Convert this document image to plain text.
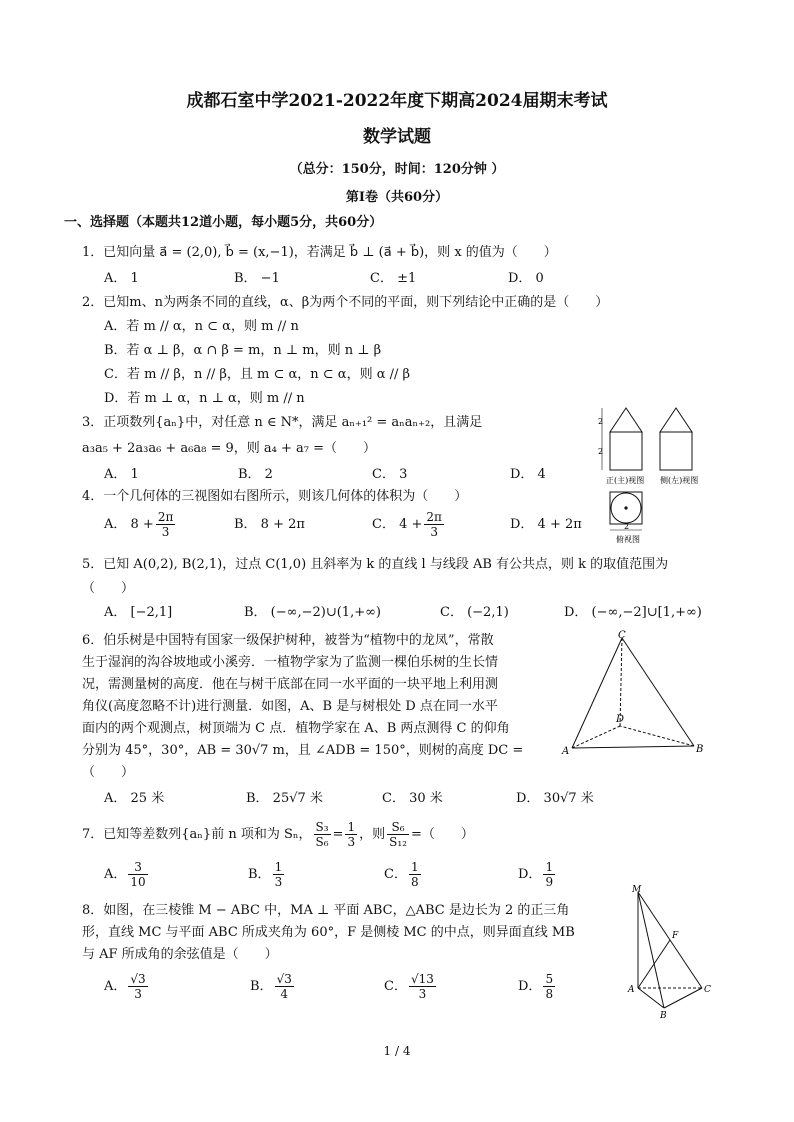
成都石室中学2021-2022年度下期高2024届期末考试
数学试题
（总分：150分，时间：120分钟 ）
第Ⅰ卷（共60分）
一、选择题（本题共12道小题，每小题5分，共60分）
1．已知向量 a⃗ = (2,0), b⃗ = (x,−1)，若满足 b⃗ ⊥ (a⃗ + b⃗)，则 x 的值为（　　）
A． 1	B． −1	C． ±1	D． 0
2．已知m、n为两条不同的直线，α、β为两个不同的平面，则下列结论中正确的是（　　）
A．若 m // α，n ⊂ α，则 m // n
B．若 α ⊥ β，α ∩ β = m，n ⊥ m，则 n ⊥ β
C．若 m // β，n // β，且 m ⊂ α，n ⊂ α，则 α // β
D．若 m ⊥ α，n ⊥ α，则 m // n
3．正项数列{aₙ}中，对任意 n ∈ N*，满足 aₙ₊₁² = aₙaₙ₊₂，且满足
a₃a₅ + 2a₃a₆ + a₆a₈ = 9，则 a₄ + a₇ =（　　）
A． 1	B． 2	C． 3	D． 4
4．一个几何体的三视图如右图所示，则该几何体的体积为（　　）
A． $8 + \frac{2\pi}{3}$	B． 8 + 2π	C． $4 + \frac{2\pi}{3}$	D． 4 + 2π
2
2
2
正(主)视图 侧(左)视图
俯视图
5．已知 A(0,2), B(2,1)，过点 C(1,0) 且斜率为 k 的直线 l 与线段 AB 有公共点，则 k 的取值范围为
（　　）
A． [−2,1]	B． (−∞,−2)∪(1,+∞)	C． (−2,1)	D． (−∞,−2]∪[1,+∞)
6．伯乐树是中国特有国家一级保护树种，被誉为“植物中的龙凤”，常散
生于湿润的沟谷坡地或小溪旁．一植物学家为了监测一棵伯乐树的生长情
况，需测量树的高度．他在与树干底部在同一水平面的一块平地上利用测
角仪(高度忽略不计)进行测量．如图，A、B 是与树根处 D 点在同一水平
面内的两个观测点，树顶端为 C 点．植物学家在 A、B 两点测得 C 的仰角
分别为 45°，30°，AB = 30√7 m，且 ∠ADB = 150°，则树的高度 DC =
（　　）
A． 25 米	B． 25√7 米	C． 30 米	D． 30√7 米
C
D
A	B
7．已知等差数列{aₙ}前 n 项和为 Sₙ， $\frac{\text{S₃}}{\text{S₆}} = \frac{1}{3}$ ，则 $\frac{\text{S₆}}{\text{S₁₂}}$ =（　　）
A． $\frac{3}{10}$	B． $\frac{1}{3}$	C． $\frac{1}{8}$	D． $\frac{1}{9}$
8．如图，在三棱锥 M − ABC 中，MA ⊥ 平面 ABC，△ABC 是边长为 2 的正三角
形，直线 MC 与平面 ABC 所成夹角为 60°，F 是侧棱 MC 的中点，则异面直线 MB
与 AF 所成角的余弦值是（　　）
A． $\frac{√3}{3}$	B． $\frac{√3}{4}$	C． $\frac{√13}{3}$	D． $\frac{5}{8}$
M
F
A	C
B
1 / 4
